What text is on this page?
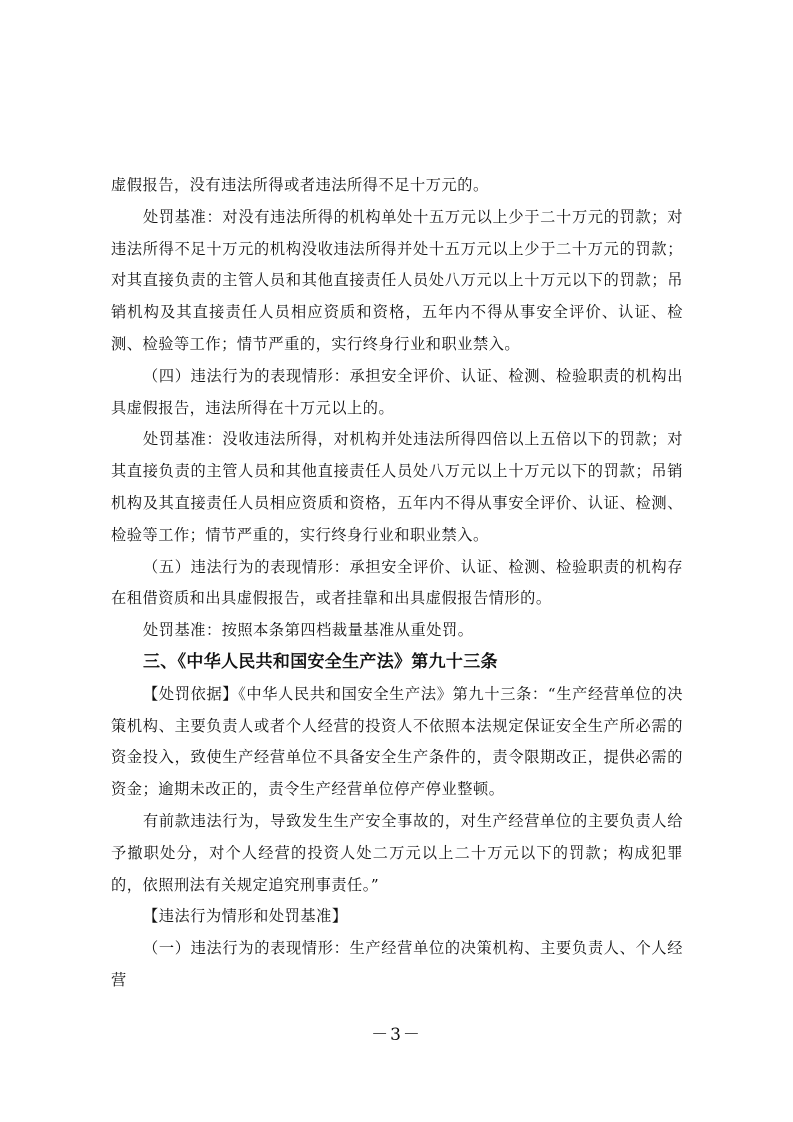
虚假报告，没有违法所得或者违法所得不足十万元的。

处罚基准：对没有违法所得的机构单处十五万元以上少于二十万元的罚款；对违法所得不足十万元的机构没收违法所得并处十五万元以上少于二十万元的罚款；对其直接负责的主管人员和其他直接责任人员处八万元以上十万元以下的罚款；吊销机构及其直接责任人员相应资质和资格，五年内不得从事安全评价、认证、检测、检验等工作；情节严重的，实行终身行业和职业禁入。

（四）违法行为的表现情形：承担安全评价、认证、检测、检验职责的机构出具虚假报告，违法所得在十万元以上的。

处罚基准：没收违法所得，对机构并处违法所得四倍以上五倍以下的罚款；对其直接负责的主管人员和其他直接责任人员处八万元以上十万元以下的罚款；吊销机构及其直接责任人员相应资质和资格，五年内不得从事安全评价、认证、检测、检验等工作；情节严重的，实行终身行业和职业禁入。

（五）违法行为的表现情形：承担安全评价、认证、检测、检验职责的机构存在租借资质和出具虚假报告，或者挂靠和出具虚假报告情形的。

处罚基准：按照本条第四档裁量基准从重处罚。

三、《中华人民共和国安全生产法》第九十三条

【处罚依据】《中华人民共和国安全生产法》第九十三条：“生产经营单位的决策机构、主要负责人或者个人经营的投资人不依照本法规定保证安全生产所必需的资金投入，致使生产经营单位不具备安全生产条件的，责令限期改正，提供必需的资金；逾期未改正的，责令生产经营单位停产停业整顿。

有前款违法行为，导致发生生产安全事故的，对生产经营单位的主要负责人给予撤职处分，对个人经营的投资人处二万元以上二十万元以下的罚款；构成犯罪的，依照刑法有关规定追究刑事责任。”

【违法行为情形和处罚基准】

（一）违法行为的表现情形：生产经营单位的决策机构、主要负责人、个人经营

－3－
